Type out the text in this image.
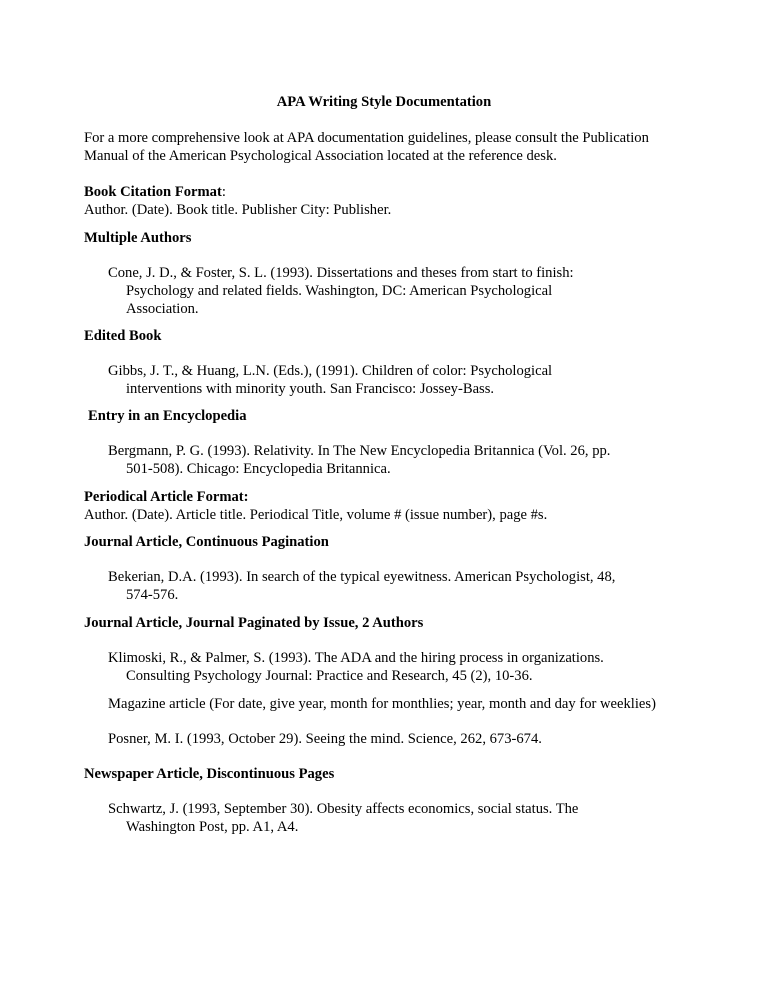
APA Writing Style Documentation
For a more comprehensive look at APA documentation guidelines, please consult the Publication
Manual of the American Psychological Association located at the reference desk.
Book Citation Format:
Author. (Date). Book title. Publisher City: Publisher.
Multiple Authors
Cone, J. D., & Foster, S. L. (1993). Dissertations and theses from start to finish:
Psychology and related fields. Washington, DC: American Psychological
Association.
Edited Book
Gibbs, J. T., & Huang, L.N. (Eds.), (1991). Children of color: Psychological
interventions with minority youth. San Francisco: Jossey-Bass.
Entry in an Encyclopedia
Bergmann, P. G. (1993). Relativity. In The New Encyclopedia Britannica (Vol. 26, pp.
501-508). Chicago: Encyclopedia Britannica.
Periodical Article Format:
Author. (Date). Article title. Periodical Title, volume # (issue number), page #s.
Journal Article, Continuous Pagination
Bekerian, D.A. (1993). In search of the typical eyewitness. American Psychologist, 48,
574-576.
Journal Article, Journal Paginated by Issue, 2 Authors
Klimoski, R., & Palmer, S. (1993). The ADA and the hiring process in organizations.
Consulting Psychology Journal: Practice and Research, 45 (2), 10-36.
Magazine article (For date, give year, month for monthlies; year, month and day for weeklies)
Posner, M. I. (1993, October 29). Seeing the mind. Science, 262, 673-674.
Newspaper Article, Discontinuous Pages
Schwartz, J. (1993, September 30). Obesity affects economics, social status. The
Washington Post, pp. A1, A4.
